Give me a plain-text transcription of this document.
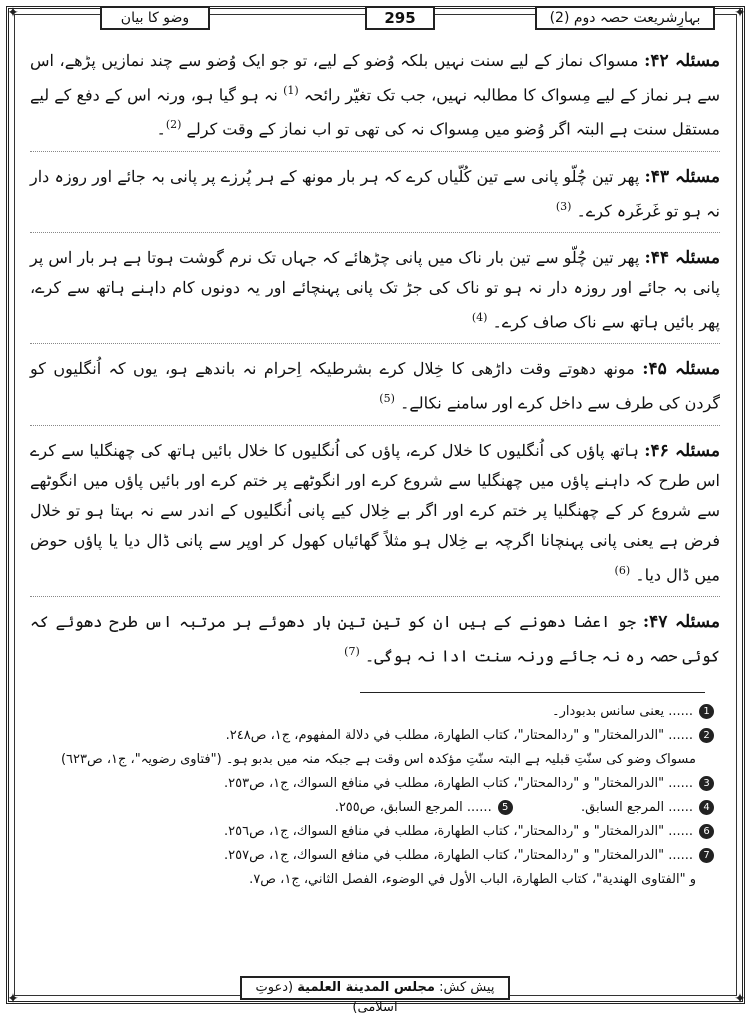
✦	✦
✦	✦
وضو کا بیان	295	بہارِشریعت حصہ دوم (2)

مسئلہ ۴۲: مسواک نماز کے لیے سنت نہیں بلکہ وُضو کے لیے، تو جو ایک وُضو سے چند نمازیں پڑھے، اس سے ہر نماز کے لیے مِسواک کا مطالبہ نہیں، جب تک تغیّر رائحہ $^{(1)}$ نہ ہو گیا ہو، ورنہ اس کے دفع کے لیے مستقل سنت ہے البتہ اگر وُضو میں مِسواک نہ کی تھی تو اب نماز کے وقت کرلے $^{(2)}$۔

مسئلہ ۴۳: پھر تین چُلّو پانی سے تین کُلّیاں کرے کہ ہر بار مونھ کے ہر پُرزے پر پانی بہ جائے اور روزہ دار نہ ہو تو غَرغَرہ کرے۔ $^{(3)}$

مسئلہ ۴۴: پھر تین چُلّو سے تین بار ناک میں پانی چڑھائے کہ جہاں تک نرم گوشت ہوتا ہے ہر بار اس پر پانی بہ جائے اور روزہ دار نہ ہو تو ناک کی جڑ تک پانی پہنچائے اور یہ دونوں کام داہنے ہاتھ سے کرے، پھر بائیں ہاتھ سے ناک صاف کرے۔ $^{(4)}$

مسئلہ ۴۵: مونھ دھوتے وقت داڑھی کا خِلال کرے بشرطیکہ اِحرام نہ باندھے ہو، یوں کہ اُنگلیوں کو گردن کی طرف سے داخل کرے اور سامنے نکالے۔ $^{(5)}$

مسئلہ ۴۶: ہاتھ پاؤں کی اُنگلیوں کا خلال کرے، پاؤں کی اُنگلیوں کا خلال بائیں ہاتھ کی چھنگلیا سے کرے اس طرح کہ داہنے پاؤں میں چھنگلیا سے شروع کرے اور انگوٹھے پر ختم کرے اور بائیں پاؤں میں انگوٹھے سے شروع کر کے چھنگلیا پر ختم کرے اور اگر بے خِلال کیے پانی اُنگلیوں کے اندر سے نہ بہتا ہو تو خلال فرض ہے یعنی پانی پہنچانا اگرچہ بے خِلال ہو مثلاً گھائیاں کھول کر اوپر سے پانی ڈال دیا یا پاؤں حوض میں ڈال دیا۔ $^{(6)}$

مسئلہ ۴۷: جو اعضا دھونے کے ہیں ان کو تین تین بار دھوئے ہر مرتبہ اس طرح دھوئے کہ کوئی حصہ رہ نہ جائے ورنہ سنت ادا نہ ہوگی۔ $^{(7)}$

1...... یعنی سانس بدبودار۔

2...... "الدرالمختار" و "ردالمحتار"، كتاب الطهارة، مطلب في دلالة المفهوم، ج١، ص٢٤٨.

مسواک وضو کی سنّتِ قبلیہ ہے البتہ سنّتِ مؤکدہ اس وقت ہے جبکہ منہ میں بدبو ہو۔ ("فتاوی رضویہ"، ج١، ص٦٢٣)

3...... "الدرالمختار" و "ردالمحتار"، كتاب الطهارة، مطلب في منافع السواك، ج١، ص٢٥٣.

4...... المرجع السابق.  5...... المرجع السابق، ص٢٥٥.

6...... "الدرالمختار" و "ردالمحتار"، كتاب الطهارة، مطلب في منافع السواك، ج١، ص٢٥٦.

7...... "الدرالمختار" و "ردالمحتار"، كتاب الطهارة، مطلب في منافع السواك، ج١، ص٢٥٧.

و "الفتاوى الهندية"، كتاب الطهارة، الباب الأول في الوضوء، الفصل الثاني، ج١، ص٧.

پیش کش: مجلس المدينة العلمية (دعوتِ اسلامی)
